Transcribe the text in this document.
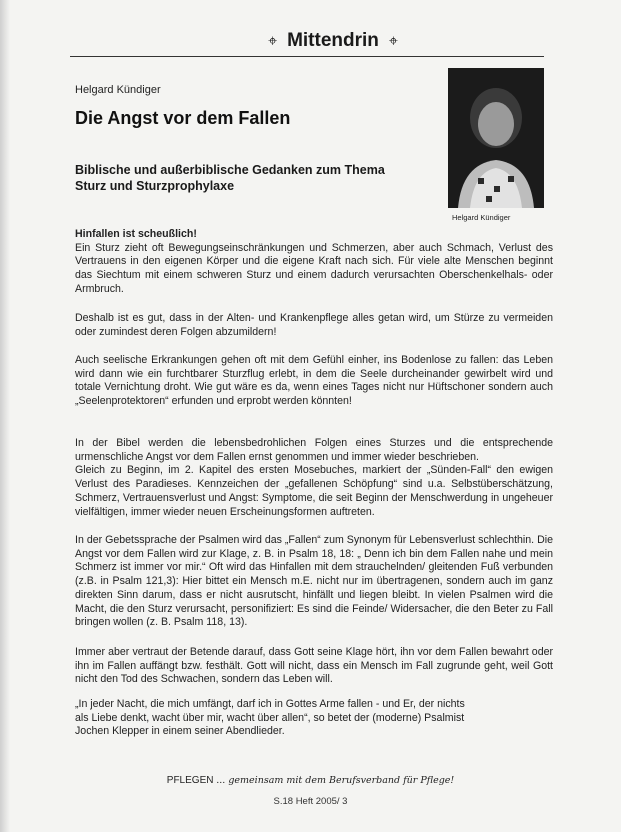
⌖ Mittendrin ⌖
Helgard Kündiger
Die Angst vor dem Fallen
Biblische und außerbiblische Gedanken zum Thema Sturz und Sturzprophylaxe
Helgard Kündiger

Hinfallen ist scheußlich!

Ein Sturz zieht oft Bewegungseinschränkungen und Schmerzen, aber auch Schmach, Verlust des Vertrauens in den eigenen Körper und die eigene Kraft nach sich. Für viele alte Menschen beginnt das Siechtum mit einem schweren Sturz und einem dadurch verursachten Oberschenkelhals- oder Armbruch.

Deshalb ist es gut, dass in der Alten- und Krankenpflege alles getan wird, um Stürze zu vermeiden oder zumindest deren Folgen abzumildern!

Auch seelische Erkrankungen gehen oft mit dem Gefühl einher, ins Bodenlose zu fallen: das Leben wird dann wie ein furchtbarer Sturzflug erlebt, in dem die Seele durcheinander gewirbelt wird und totale Vernichtung droht. Wie gut wäre es da, wenn eines Tages nicht nur Hüftschoner sondern auch „Seelenprotektoren“ erfunden und erprobt werden könnten!

In der Bibel werden die lebensbedrohlichen Folgen eines Sturzes und die entsprechende urmenschliche Angst vor dem Fallen ernst genommen und immer wieder beschrieben.

Gleich zu Beginn, im 2. Kapitel des ersten Mosebuches, markiert der „Sünden-Fall“ den ewigen Verlust des Paradieses. Kennzeichen der „gefallenen Schöpfung“ sind u.a. Selbstüberschätzung, Schmerz, Vertrauensverlust und Angst: Symptome, die seit Beginn der Menschwerdung in ungeheuer vielfältigen, immer wieder neuen Erscheinungsformen auftreten.

In der Gebetssprache der Psalmen wird das „Fallen“ zum Synonym für Lebensverlust schlechthin. Die Angst vor dem Fallen wird zur Klage, z. B. in Psalm 18, 18: „ Denn ich bin dem Fallen nahe und mein Schmerz ist immer vor mir.“ Oft wird das Hinfallen mit dem strauchelnden/ gleitenden Fuß verbunden (z.B. in Psalm 121,3): Hier bittet ein Mensch m.E. nicht nur im übertragenen, sondern auch im ganz direkten Sinn darum, dass er nicht ausrutscht, hinfällt und liegen bleibt. In vielen Psalmen wird die Macht, die den Sturz verursacht, personifiziert: Es sind die Feinde/ Widersacher, die den Beter zu Fall bringen wollen (z. B. Psalm 118, 13).

Immer aber vertraut der Betende darauf, dass Gott seine Klage hört, ihn vor dem Fallen bewahrt oder ihn im Fallen auffängt bzw. festhält. Gott will nicht, dass ein Mensch im Fall zugrunde geht, weil Gott nicht den Tod des Schwachen, sondern das Leben will.

„In jeder Nacht, die mich umfängt, darf ich in Gottes Arme fallen - und Er, der nichts als Liebe denkt, wacht über mir, wacht über allen“, so betet der (moderne) Psalmist Jochen Klepper in einem seiner Abendlieder.

PFLEGEN ... gemeinsam mit dem Berufsverband für Pflege!
S.18 Heft 2005/ 3
